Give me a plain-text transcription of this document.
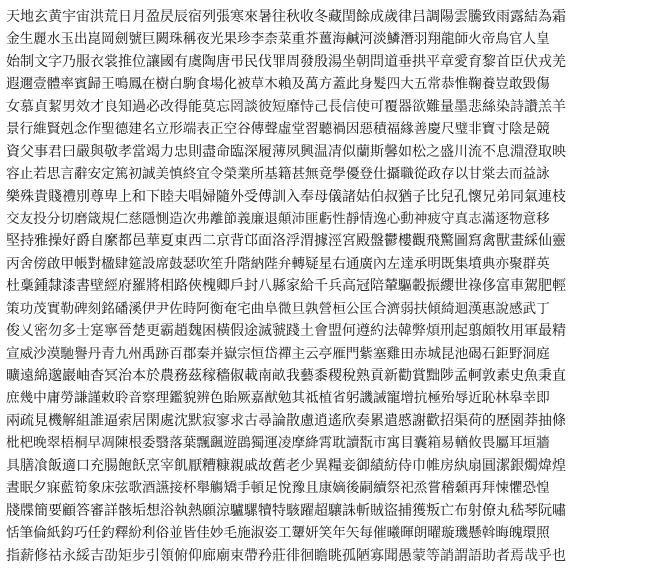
天地玄黄宇宙洪荒日月盈昃辰宿列張寒來暑往秋收冬藏閏餘成歲律吕調陽雲騰致雨露結為霜
金生麗水玉出崑岡劍號巨闕珠稱夜光果珍李柰菜重芥薑海鹹河淡鱗潛羽翔龍師火帝鳥官人皇
始制文字乃服衣裳推位讓國有虞陶唐弔民伐罪周發殷湯坐朝問道垂拱平章愛育黎首臣伏戎羌
遐邇壹體率賓歸王鳴鳳在樹白駒食場化被草木賴及萬方蓋此身髮四大五常恭惟鞠養豈敢毀傷
女慕貞絜男效才良知過必改得能莫忘罔談彼短靡恃己長信使可覆器欲難量墨悲絲染詩讚羔羊
景行維賢剋念作聖德建名立形端表正空谷傳聲虛堂習聽禍因惡積福緣善慶尺璧非寶寸陰是競
資父事君曰嚴與敬孝當竭力忠則盡命臨深履薄夙興温凊似蘭斯馨如松之盛川流不息淵澄取映
容止若思言辭安定篤初誠美慎終宜令榮業所基籍甚無竟學優登仕攝職從政存以甘棠去而益詠
樂殊貴賤禮別尊卑上和下睦夫唱婦隨外受傅訓入奉母儀諸姑伯叔猶子比兒孔懷兄弟同氣連枝
交友投分切磨箴規仁慈隱惻造次弗離節義廉退顛沛匪虧性靜情逸心動神疲守真志滿逐物意移
堅持雅操好爵自縻都邑華夏東西二京背邙面洛浮渭據涇宮殿盤鬱樓觀飛驚圖寫禽獸畫綵仙靈
丙舍傍啟甲帳對楹肆筵設席鼓瑟吹笙升階納陛弁轉疑星右通廣內左達承明既集墳典亦聚群英
杜稾鍾隸漆書壁經府羅將相路俠槐卿戶封八縣家給千兵高冠陪輦驅轂振纓世祿侈富車駕肥輕
策功茂實勒碑刻銘磻溪伊尹佐時阿衡奄宅曲阜微旦孰營桓公匡合濟弱扶傾綺迴漢惠說感武丁
俊乂密勿多士寔寧晉楚更霸趙魏困橫假途滅虢踐土會盟何遵約法韓弊煩刑起翦頗牧用軍最精
宣威沙漠馳譽丹青九州禹跡百郡秦并嶽宗恒岱禪主云亭雁門紫塞雞田赤城昆池碣石鉅野洞庭
曠遠綿邈巖岫杳冥治本於農務茲稼穡俶載南畝我藝黍稷稅熟貢新勸賞黜陟孟軻敦素史魚秉直
庶幾中庸勞謙謹敕聆音察理鑑貌辨色貽厥嘉猷勉其祗植省躬譏誡寵增抗極殆辱近恥林皋幸即
兩疏見機解組誰逼索居閑處沈默寂寥求古尋論散慮逍遙欣奏累遣慼謝歡招渠荷的歷園莽抽條
枇杷晚翠梧桐早凋陳根委翳落葉飄颻遊鵾獨運凌摩絳霄耽讀翫市寓目囊箱易輶攸畏屬耳垣牆
具膳飡飯適口充腸飽飫烹宰飢厭糟糠親戚故舊老少異糧妾御績紡侍巾帷房紈扇圓潔銀燭煒煌
晝眠夕寐藍筍象床弦歌酒讌接杯舉觴矯手頓足悅豫且康嫡後嗣續祭祀烝嘗稽顙再拜悚懼恐惶
牋牒簡要顧答審詳骸垢想浴執熱願涼驢騾犢特駭躍超驤誅斬賊盜捕獲叛亡布射僚丸嵇琴阮嘯
恬筆倫紙鈞巧任釣釋紛利俗並皆佳妙毛施淑姿工顰妍笑年矢每催曦暉朗曜璇璣懸斡晦魄環照
指薪修祜永綏吉劭矩步引領俯仰廊廟束帶矜莊徘徊瞻眺孤陋寡聞愚蒙等誚謂語助者焉哉乎也
